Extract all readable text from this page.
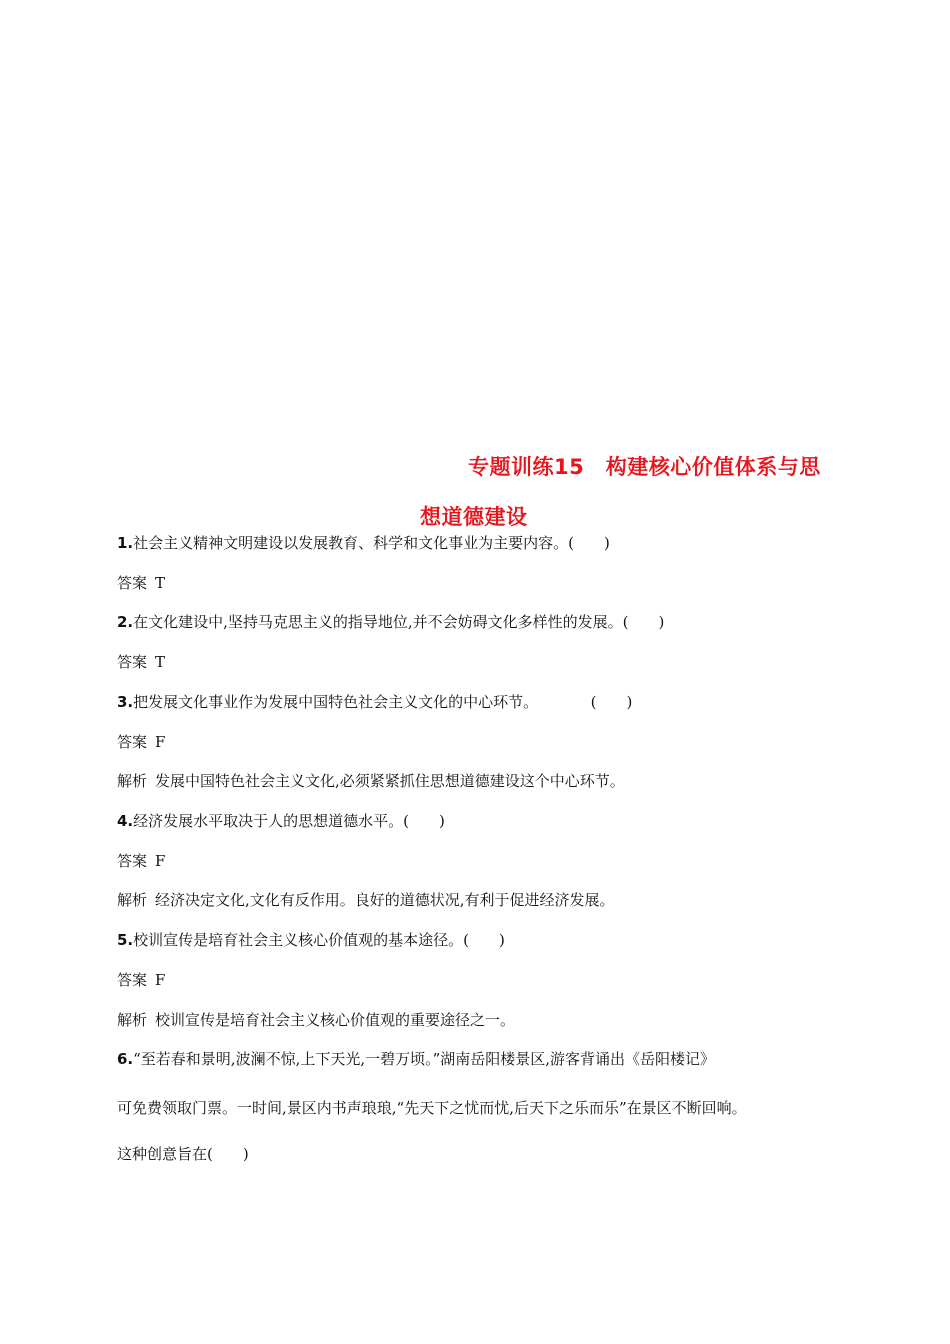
专题训练15　构建核心价值体系与思
想道德建设
1.社会主义精神文明建设以发展教育、科学和文化事业为主要内容。(　　)
答案 T
2.在文化建设中,坚持马克思主义的指导地位,并不会妨碍文化多样性的发展。(　　)
答案 T
3.把发展文化事业作为发展中国特色社会主义文化的中心环节。　　　　(　　)
答案 F
解析 发展中国特色社会主义文化,必须紧紧抓住思想道德建设这个中心环节。
4.经济发展水平取决于人的思想道德水平。(　　)
答案 F
解析 经济决定文化,文化有反作用。良好的道德状况,有利于促进经济发展。
5.校训宣传是培育社会主义核心价值观的基本途径。(　　)
答案 F
解析 校训宣传是培育社会主义核心价值观的重要途径之一。
6.“至若春和景明,波澜不惊,上下天光,一碧万顷。”湖南岳阳楼景区,游客背诵出《岳阳楼记》
可免费领取门票。一时间,景区内书声琅琅,“先天下之忧而忧,后天下之乐而乐”在景区不断回响。
这种创意旨在(　　)
